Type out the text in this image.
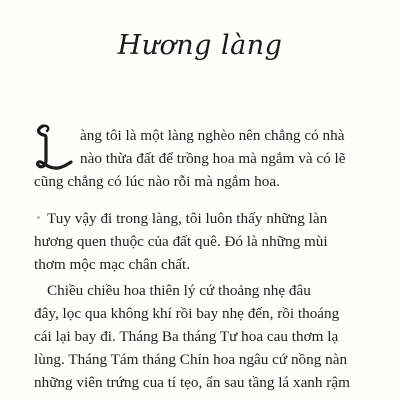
Hương làng
àng tôi là một làng nghèo nên chẳng có nhà
nào thừa đất để trồng hoa mà ngắm và có lẽ
cũng chẳng có lúc nào rỗi mà ngắm hoa.
Tuy vậy đi trong làng, tôi luôn thấy những làn
hương quen thuộc của đất quê. Đó là những mùi
thơm mộc mạc chân chất.
Chiều chiều hoa thiên lý cứ thoảng nhẹ đâu
đây, lọc qua không khí rồi bay nhẹ đến, rồi thoáng
cái lại bay đi. Tháng Ba tháng Tư hoa cau thơm lạ
lùng. Tháng Tám tháng Chín hoa ngâu cứ nồng nàn
những viên trứng cua tí tẹo, ẩn sau tầng lá xanh rậm
